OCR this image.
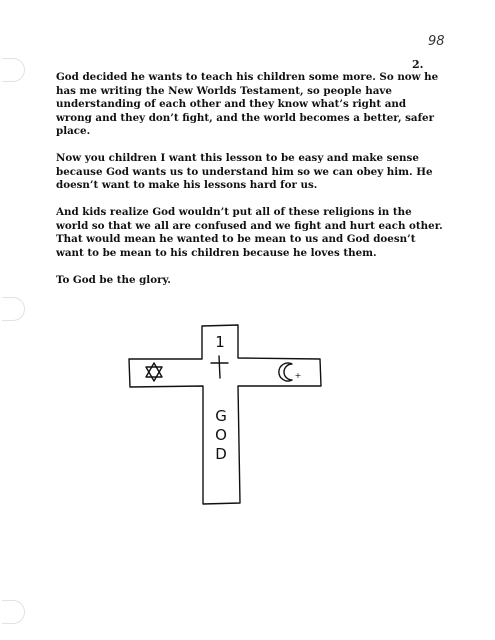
98
2.

God decided he wants to teach his children some more. So now he has me writing the New Worlds Testament, so people have understanding of each other and they know what’s right and wrong and they don’t fight, and the world becomes a better, safer place.

Now you children I want this lesson to be easy and make sense because God wants us to understand him so we can obey him. He doesn’t want to make his lessons hard for us.

And kids realize God wouldn’t put all of these religions in the world so that we all are confused and we fight and hurt each other. That would mean he wanted to be mean to us and God doesn’t want to be mean to his children because he loves them.

To God be the glory.

1
+
G
O
D
